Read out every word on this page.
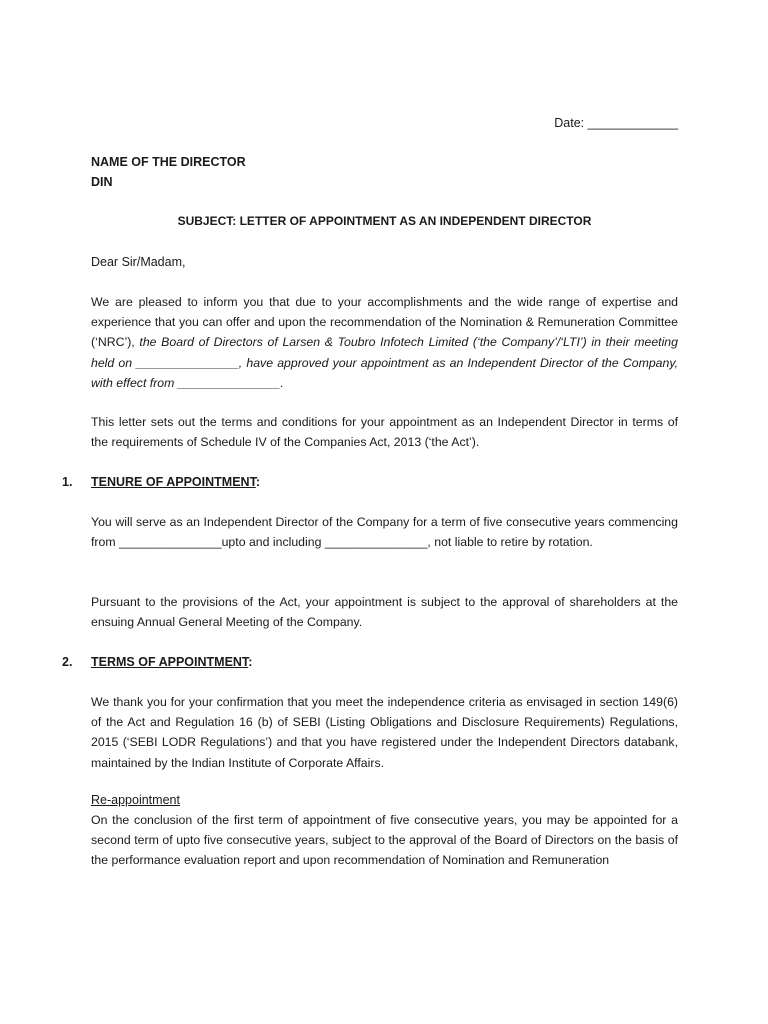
Date: _____________

NAME OF THE DIRECTOR
DIN

SUBJECT: LETTER OF APPOINTMENT AS AN INDEPENDENT DIRECTOR

Dear Sir/Madam,

We are pleased to inform you that due to your accomplishments and the wide range of expertise and experience that you can offer and upon the recommendation of the Nomination & Remuneration Committee (‘NRC’), the Board of Directors of Larsen & Toubro Infotech Limited (‘the Company’/‘LTI’) in their meeting held on _______________, have approved your appointment as an Independent Director of the Company, with effect from _______________.

This letter sets out the terms and conditions for your appointment as an Independent Director in terms of the requirements of Schedule IV of the Companies Act, 2013 (‘the Act’).

1. TENURE OF APPOINTMENT:

You will serve as an Independent Director of the Company for a term of five consecutive years commencing from _______________upto and including _______________, not liable to retire by rotation.

Pursuant to the provisions of the Act, your appointment is subject to the approval of shareholders at the ensuing Annual General Meeting of the Company.

2. TERMS OF APPOINTMENT:

We thank you for your confirmation that you meet the independence criteria as envisaged in section 149(6) of the Act and Regulation 16 (b) of SEBI (Listing Obligations and Disclosure Requirements) Regulations, 2015 (‘SEBI LODR Regulations’) and that you have registered under the Independent Directors databank, maintained by the Indian Institute of Corporate Affairs.

Re-appointment

On the conclusion of the first term of appointment of five consecutive years, you may be appointed for a second term of upto five consecutive years, subject to the approval of the Board of Directors on the basis of the performance evaluation report and upon recommendation of Nomination and Remuneration
